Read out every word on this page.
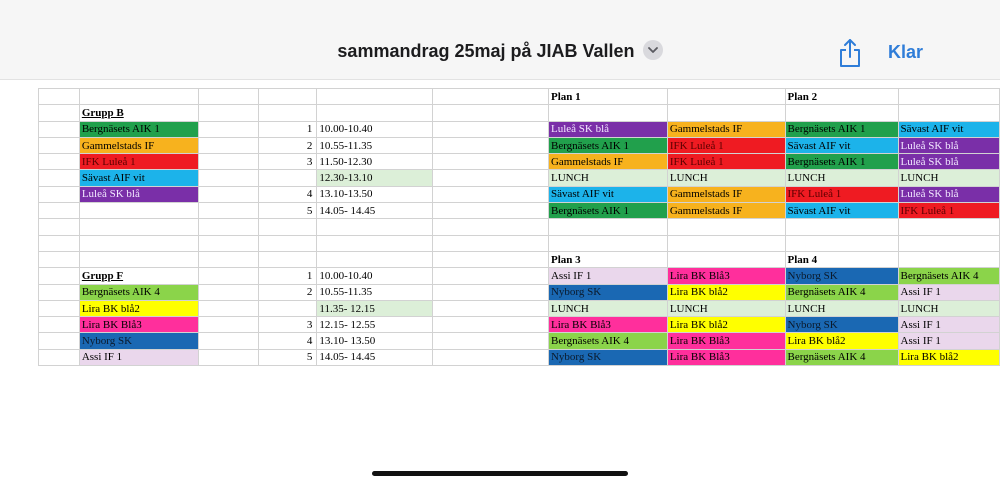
sammandrag 25maj på JIAB Vallen	Klar
						Plan 1		Plan 2	
	Grupp B								
	Bergnäsets AIK 1		1	10.00-10.40		Luleå SK blå	Gammelstads IF	Bergnäsets AIK 1	Sävast AIF vit
	Gammelstads IF		2	10.55-11.35		Bergnäsets AIK 1	IFK Luleå 1	Sävast AIF vit	Luleå SK blå
	IFK Luleå 1		3	11.50-12.30		Gammelstads IF	IFK Luleå 1	Bergnäsets AIK 1	Luleå SK blå
	Sävast AIF vit			12.30-13.10		LUNCH	LUNCH	LUNCH	LUNCH
	Luleå SK blå		4	13.10-13.50		Sävast AIF vit	Gammelstads IF	IFK Luleå 1	Luleå SK blå
			5	14.05- 14.45		Bergnäsets AIK 1	Gammelstads IF	Sävast AIF vit	IFK Luleå 1

						Plan 3		Plan 4	
	Grupp F		1	10.00-10.40		Assi IF 1	Lira BK Blå3	Nyborg SK	Bergnäsets AIK 4
	Bergnäsets AIK 4		2	10.55-11.35		Nyborg SK	Lira BK blå2	Bergnäsets AIK 4	Assi IF 1
	Lira BK blå2			11.35- 12.15		LUNCH	LUNCH	LUNCH	LUNCH
	Lira BK Blå3		3	12.15- 12.55		Lira BK Blå3	Lira BK blå2	Nyborg SK	Assi IF 1
	Nyborg SK		4	13.10- 13.50		Bergnäsets AIK 4	Lira BK Blå3	Lira BK blå2	Assi IF 1
	Assi IF 1		5	14.05- 14.45		Nyborg SK	Lira BK Blå3	Bergnäsets AIK 4	Lira BK blå2
